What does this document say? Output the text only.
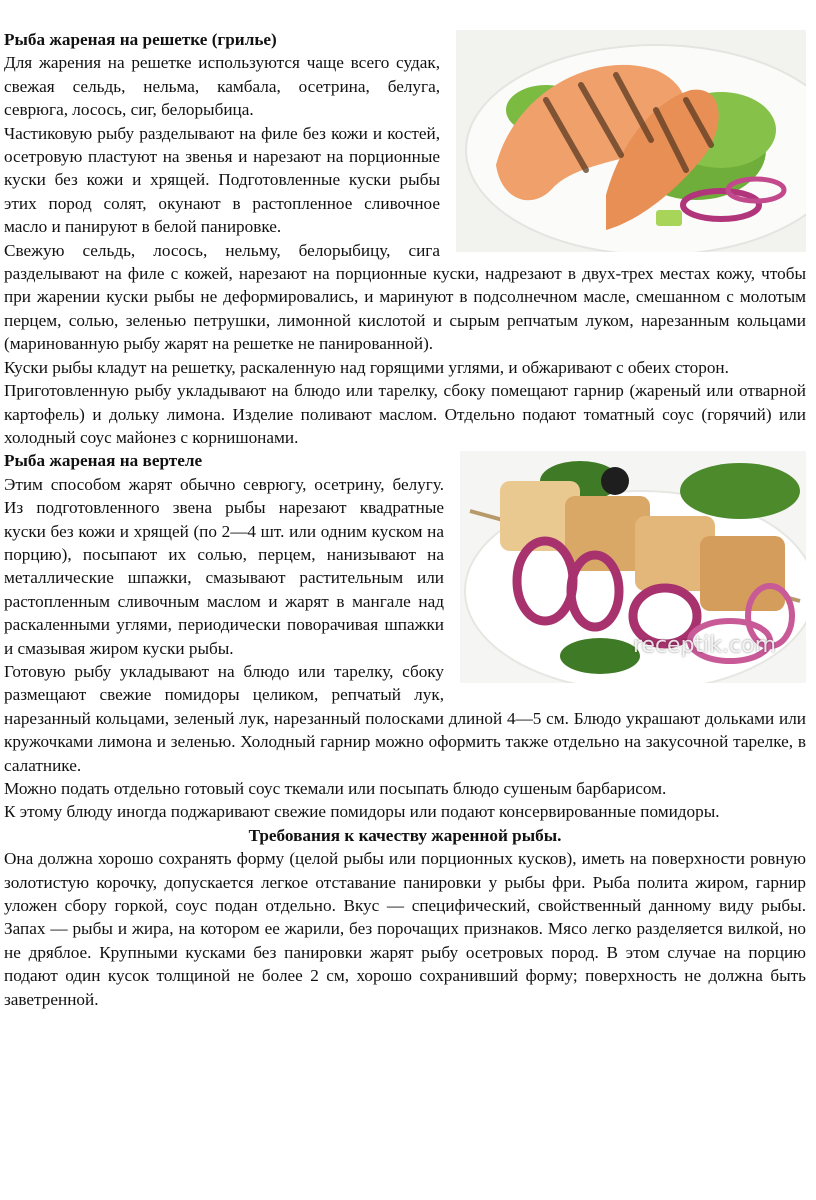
Рыба жареная на решетке (грилье)

Для жарения на решетке используются чаще всего судак, свежая сельдь, нельма, камбала, осетрина, белуга, севрюга, лосось, сиг, белорыбица.

Частиковую рыбу разделывают на филе без кожи и костей, осетровую пластуют на звенья и нарезают на порционные куски без кожи и хрящей. Подготовленные куски рыбы этих пород солят, окунают в растопленное сливочное масло и панируют в белой панировке.

Свежую сельдь, лосось, нельму, белорыбицу, сига разделывают на филе с кожей, нарезают на порционные куски, надрезают в двух-трех местах кожу, чтобы при жарении куски рыбы не деформировались, и маринуют в подсолнечном масле, смешанном с молотым перцем, солью, зеленью петрушки, лимонной кислотой и сырым репчатым луком, нарезанным кольцами (маринованную рыбу жарят на решетке не панированной).

Куски рыбы кладут на решетку, раскаленную над горящими углями, и обжаривают с обеих сторон.

Приготовленную рыбу укладывают на блюдо или тарелку, сбоку помещают гарнир (жареный или отварной картофель) и дольку лимона. Изделие поливают маслом. Отдельно подают томатный соус (горячий) или холодный соус майонез с корнишонами.

receptik.com

Рыба жареная на вертеле

Этим способом жарят обычно севрюгу, осетрину, белугу. Из подготовленного звена рыбы нарезают квадратные куски без кожи и хрящей (по 2—4 шт. или одним куском на порцию), посыпают их солью, перцем, нанизывают на металлические шпажки, смазывают растительным или растопленным сливочным маслом и жарят в мангале над раскаленными углями, периодически поворачивая шпажки и смазывая жиром куски рыбы.

Готовую рыбу укладывают на блюдо или тарелку, сбоку размещают свежие помидоры целиком, репчатый лук, нарезанный кольцами, зеленый лук, нарезанный полосками длиной 4—5 см. Блюдо украшают дольками или кружочками лимона и зеленью. Холодный гарнир можно оформить также отдельно на закусочной тарелке, в салатнике.

Можно подать отдельно готовый соус ткемали или посыпать блюдо сушеным барбарисом.

К этому блюду иногда поджаривают свежие помидоры или подают консервированные помидоры.

Требования к качеству жаренной рыбы.

Она должна хорошо сохранять форму (целой рыбы или порционных кусков), иметь на поверхности ровную золотистую корочку, допускается легкое отставание панировки у рыбы фри. Рыба полита жиром, гарнир уложен сбору горкой, соус подан отдельно. Вкус — специфический, свойственный данному виду рыбы. Запах — рыбы и жира, на котором ее жарили, без порочащих признаков. Мясо легко разделяется вилкой, но не дряблое. Крупными кусками без панировки жарят рыбу осетровых пород. В этом случае на порцию подают один кусок толщиной не более 2 см, хорошо сохранивший форму; поверхность не должна быть заветренной.
